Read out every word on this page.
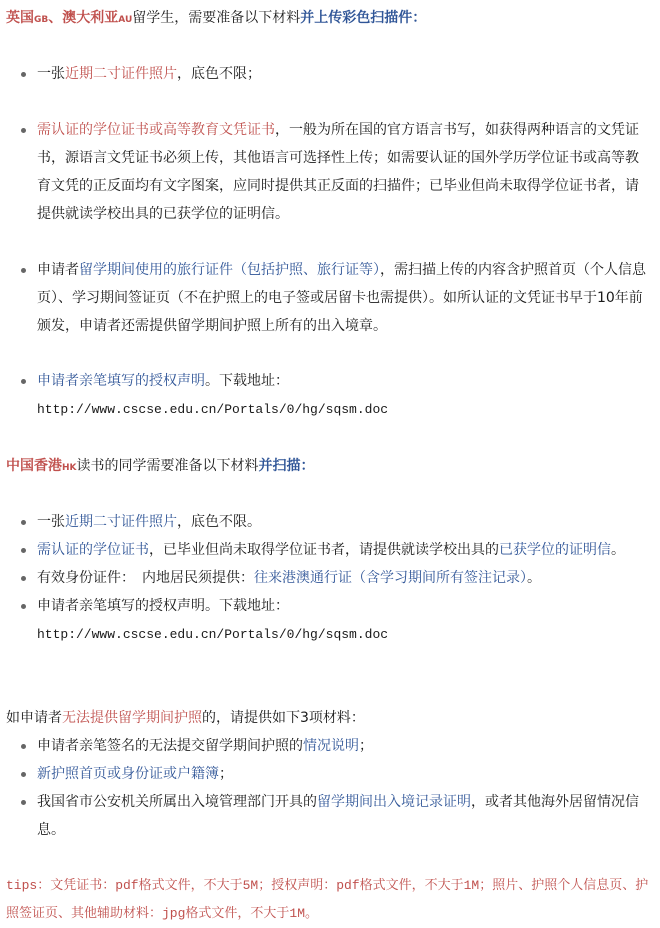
英国GB、澳大利亚AU留学生，需要准备以下材料并上传彩色扫描件：
一张近期二寸证件照片，底色不限；
需认证的学位证书或高等教育文凭证书，一般为所在国的官方语言书写，如获得两种语言的文凭证书，源语言文凭证书必须上传，其他语言可选择性上传；如需要认证的国外学历学位证书或高等教育文凭的正反面均有文字图案，应同时提供其正反面的扫描件；已毕业但尚未取得学位证书者，请提供就读学校出具的已获学位的证明信。
申请者留学期间使用的旅行证件（包括护照、旅行证等），需扫描上传的内容含护照首页（个人信息页）、学习期间签证页（不在护照上的电子签或居留卡也需提供）。如所认证的文凭证书早于10年前颁发，申请者还需提供留学期间护照上所有的出入境章。
申请者亲笔填写的授权声明。下载地址：
http://www.cscse.edu.cn/Portals/0/hg/sqsm.doc
中国香港HK读书的同学需要准备以下材料并扫描：
一张近期二寸证件照片，底色不限。
需认证的学位证书，已毕业但尚未取得学位证书者，请提供就读学校出具的已获学位的证明信。
有效身份证件：　内地居民须提供：往来港澳通行证（含学习期间所有签注记录）。
申请者亲笔填写的授权声明。下载地址：
http://www.cscse.edu.cn/Portals/0/hg/sqsm.doc
如申请者无法提供留学期间护照的，请提供如下3项材料：
申请者亲笔签名的无法提交留学期间护照的情况说明；
新护照首页或身份证或户籍簿；
我国省市公安机关所属出入境管理部门开具的留学期间出入境记录证明，或者其他海外居留情况信息。
tips：文凭证书：pdf格式文件，不大于5M；授权声明：pdf格式文件，不大于1M；照片、护照个人信息页、护照签证页、其他辅助材料：jpg格式文件，不大于1M。
